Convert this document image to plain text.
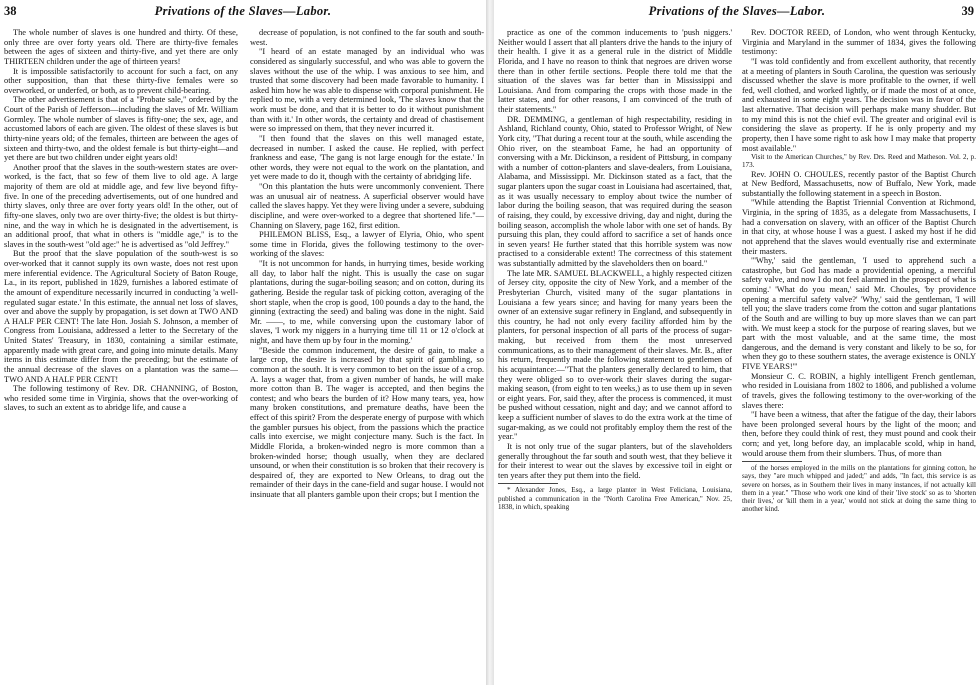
38	Privations of the Slaves—Labor.

The whole number of slaves is one hundred and thirty. Of these, only three are over forty years old. There are thirty-five females between the ages of sixteen and thirty-five, and yet there are only THIRTEEN children under the age of thirteen years!

It is impossible satisfactorily to account for such a fact, on any other supposition, than that these thirty-five females were so overworked, or underfed, or both, as to prevent child-bearing.

The other advertisement is that of a "Probate sale," ordered by the Court of the Parish of Jefferson—including the slaves of Mr. William Gormley. The whole number of slaves is fifty-one; the sex, age, and accustomed labors of each are given. The oldest of these slaves is but thirty-nine years old; of the females, thirteen are between the ages of sixteen and thirty-two, and the oldest female is but thirty-eight—and yet there are but two children under eight years old!

Another proof that the slaves in the south-western states are over-worked, is the fact, that so few of them live to old age. A large majority of them are old at middle age, and few live beyond fifty-five. In one of the preceding advertisements, out of one hundred and thirty slaves, only three are over forty years old! In the other, out of fifty-one slaves, only two are over thirty-five; the oldest is but thirty-nine, and the way in which he is designated in the advertisement, is an additional proof, that what in others is "middle age," is to the slaves in the south-west "old age:" he is advertised as "old Jeffrey."

But the proof that the slave population of the south-west is so over-worked that it cannot supply its own waste, does not rest upon mere inferential evidence. The Agricultural Society of Baton Rouge, La., in its report, published in 1829, furnishes a labored estimate of the amount of expenditure necessarily incurred in conducting 'a well-regulated sugar estate.' In this estimate, the annual net loss of slaves, over and above the supply by propagation, is set down at TWO AND A HALF PER CENT! The late Hon. Josiah S. Johnson, a member of Congress from Louisiana, addressed a letter to the Secretary of the United States' Treasury, in 1830, containing a similar estimate, apparently made with great care, and going into minute details. Many items in this estimate differ from the preceding; but the estimate of the annual decrease of the slaves on a plantation was the same—TWO AND A HALF PER CENT!

The following testimony of Rev. DR. CHANNING, of Boston, who resided some time in Virginia, shows that the over-working of slaves, to such an extent as to abridge life, and cause a

decrease of population, is not confined to the far south and south-west.

"I heard of an estate managed by an individual who was considered as singularly successful, and who was able to govern the slaves without the use of the whip. I was anxious to see him, and trusted that some discovery had been made favorable to humanity. I asked him how he was able to dispense with corporal punishment. He replied to me, with a very determined look, 'The slaves know that the work must be done, and that it is better to do it without punishment than with it.' In other words, the certainty and dread of chastisement were so impressed on them, that they never incurred it.

"I then found that the slaves on this well managed estate, decreased in number. I asked the cause. He replied, with perfect frankness and ease, 'The gang is not large enough for the estate.' In other words, they were not equal to the work on the plantation, and yet were made to do it, though with the certainty of abridging life.

"On this plantation the huts were uncommonly convenient. There was an unusual air of neatness. A superficial observer would have called the slaves happy. Yet they were living under a severe, subduing discipline, and were over-worked to a degree that shortened life."—Channing on Slavery, page 162, first edition.

PHILEMON BLISS, Esq., a lawyer of Elyria, Ohio, who spent some time in Florida, gives the following testimony to the over-working of the slaves:

"It is not uncommon for hands, in hurrying times, beside working all day, to labor half the night. This is usually the case on sugar plantations, during the sugar-boiling season; and on cotton, during its gathering. Beside the regular task of picking cotton, averaging of the short staple, when the crop is good, 100 pounds a day to the hand, the ginning (extracting the seed) and baling was done in the night. Said Mr. ——, to me, while conversing upon the customary labor of slaves, 'I work my niggers in a hurrying time till 11 or 12 o'clock at night, and have them up by four in the morning.'

"Beside the common inducement, the desire of gain, to make a large crop, the desire is increased by that spirit of gambling, so common at the south. It is very common to bet on the issue of a crop. A. lays a wager that, from a given number of hands, he will make more cotton than B. The wager is accepted, and then begins the contest; and who bears the burden of it? How many tears, yea, how many broken constitutions, and premature deaths, have been the effect of this spirit? From the desperate energy of purpose with which the gambler pursues his object, from the passions which the practice calls into exercise, we might conjecture many. Such is the fact. In Middle Florida, a broken-winded negro is more common than a broken-winded horse; though usually, when they are declared unsound, or when their constitution is so broken that their recovery is despaired of, they are exported to New Orleans, to drag out the remainder of their days in the cane-field and sugar house. I would not insinuate that all planters gamble upon their crops; but I mention the

Privations of the Slaves—Labor.	39

practice as one of the common inducements to 'push niggers.' Neither would I assert that all planters drive the hands to the injury of their health. I give it as a general rule in the district of Middle Florida, and I have no reason to think that negroes are driven worse there than in other fertile sections. People there told me that the situation of the slaves was far better than in Mississippi and Louisiana. And from comparing the crops with those made in the latter states, and for other reasons, I am convinced of the truth of their statements."

DR. DEMMING, a gentleman of high respectability, residing in Ashland, Richland county, Ohio, stated to Professor Wright, of New York city, "That during a recent tour at the south, while ascending the Ohio river, on the steamboat Fame, he had an opportunity of conversing with a Mr. Dickinson, a resident of Pittsburg, in company with a number of cotton-planters and slave-dealers, from Louisiana, Alabama, and Mississippi. Mr. Dickinson stated as a fact, that the sugar planters upon the sugar coast in Louisiana had ascertained, that, as it was usually necessary to employ about twice the number of labor during the boiling season, that was required during the season of raising, they could, by excessive driving, day and night, during the boiling season, accomplish the whole labor with one set of hands. By pursuing this plan, they could afford to sacrifice a set of hands once in seven years! He further stated that this horrible system was now practised to a considerable extent! The correctness of this statement was substantially admitted by the slaveholders then on board."

The late MR. SAMUEL BLACKWELL, a highly respected citizen of Jersey city, opposite the city of New York, and a member of the Presbyterian Church, visited many of the sugar plantations in Louisiana a few years since; and having for many years been the owner of an extensive sugar refinery in England, and subsequently in this country, he had not only every facility afforded him by the planters, for personal inspection of all parts of the process of sugar-making, but received from them the most unreserved communications, as to their management of their slaves. Mr. B., after his return, frequently made the following statement to gentlemen of his acquaintance:—"That the planters generally declared to him, that they were obliged so to over-work their slaves during the sugar-making season, (from eight to ten weeks,) as to use them up in seven or eight years. For, said they, after the process is commenced, it must be pushed without cessation, night and day; and we cannot afford to keep a sufficient number of slaves to do the extra work at the time of sugar-making, as we could not profitably employ them the rest of the year."

It is not only true of the sugar planters, but of the slaveholders generally throughout the far south and south west, that they believe it for their interest to wear out the slaves by excessive toil in eight or ten years after they put them into the field.

* Alexander Jones, Esq., a large planter in West Feliciana, Louisiana, published a communication in the "North Carolina Free American," Nov. 25, 1838, in which, speaking

Rev. DOCTOR REED, of London, who went through Kentucky, Virginia and Maryland in the summer of 1834, gives the following testimony:

"I was told confidently and from excellent authority, that recently at a meeting of planters in South Carolina, the question was seriously discussed whether the slave is more profitable to the owner, if well fed, well clothed, and worked lightly, or if made the most of at once, and exhausted in some eight years. The decision was in favor of the last alternative. That decision will perhaps make many shudder. But to my mind this is not the chief evil. The greater and original evil is considering the slave as property. If he is only property and my property, then I have some right to ask how I may make that property most available."

Visit to the American Churches," by Rev. Drs. Reed and Matheson. Vol. 2, p. 173.

Rev. JOHN O. CHOULES, recently pastor of the Baptist Church at New Bedford, Massachusetts, now of Buffalo, New York, made substantially the following statement in a speech in Boston.

"While attending the Baptist Triennial Convention at Richmond, Virginia, in the spring of 1835, as a delegate from Massachusetts, I had a conversation on slavery, with an officer of the Baptist Church in that city, at whose house I was a guest. I asked my host if he did not apprehend that the slaves would eventually rise and exterminate their masters.

"'Why,' said the gentleman, 'I used to apprehend such a catastrophe, but God has made a providential opening, a merciful safety valve, and now I do not feel alarmed in the prospect of what is coming.' 'What do you mean,' said Mr. Choules, 'by providence opening a merciful safety valve?' 'Why,' said the gentleman, 'I will tell you; the slave traders come from the cotton and sugar plantations of the South and are willing to buy up more slaves than we can part with. We must keep a stock for the purpose of rearing slaves, but we part with the most valuable, and at the same time, the most dangerous, and the demand is very constant and likely to be so, for when they go to these southern states, the average existence is ONLY FIVE YEARS!'"

Monsieur C. C. ROBIN, a highly intelligent French gentleman, who resided in Louisiana from 1802 to 1806, and published a volume of travels, gives the following testimony to the over-working of the slaves there:

"I have been a witness, that after the fatigue of the day, their labors have been prolonged several hours by the light of the moon; and then, before they could think of rest, they must pound and cook their corn; and yet, long before day, an implacable scold, whip in hand, would arouse them from their slumbers. Thus, of more than

of the horses employed in the mills on the plantations for ginning cotton, he says, they "are much whipped and jaded;" and adds, "In fact, this service is as severe on horses, as in Southern their lives in many instances, if not actually kill them in a year." "Those who work one kind of their 'live stock' so as to 'shorten their lives,' or 'kill them in a year,' would not stick at doing the same thing to another kind.
